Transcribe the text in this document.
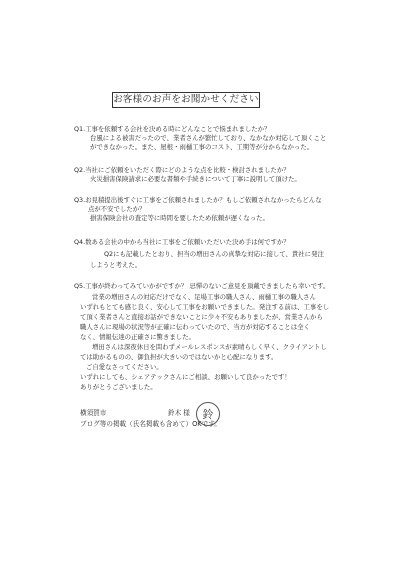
お客様のお声をお聞かせください
Q1.工事を依頼する会社を決める時にどんなことで悩まれましたか？
台風による被害だったので、業者さんが繁忙しており、なかなか対応して頂くこと
ができなかった。また、屋根・雨樋工事のコスト、工期等が分からなかった。
Q2.当社にご依頼をいただく際にどのような点を比較・検討されましたか？
火災損害保険請求に必要な書類や手続きについて丁寧に説明して頂けた。
Q3.お見積提出後すぐに工事をご依頼されましたか？もしご依頼されなかったらどんな
点が不安でしたか？
損害保険会社の査定等に時間を要したため依頼が遅くなった。
Q4.数ある会社の中から当社に工事をご依頼いただいた決め手は何ですか？
Q2にも記載したとおり、担当の増田さんの真摯な対応に接して、貴社に発注
しようと考えた。
Q5.工事が終わってみていかがですか？ 忌憚のないご意見を頂戴できましたら幸いです。
営業の増田さんの対応だけでなく、足場工事の職人さん、雨樋工事の職人さん
いずれもとても感じ良く、安心して工事をお願いできました。発注する前は、工事をし
て頂く業者さんと直接お話ができないことに少々不安もありましたが、営業さんから
職人さんに現場の状況等が正確に伝わっていたので、当方が対応することは全く
なく、情報伝達の正確さに驚きました。
増田さんは深夜休日を問わずメールレスポンスが素晴らしく早く、クライアントし
ては助かるものの、御負担が大きいのではないかと心配になります。
ご自愛なさってください。
いずれにしても、シェアテックさんにご相談、お願いして良かったです！
ありがとうございました。
横須賀市	鈴木 様	鈴
ブログ等の掲載（氏名掲載も含めて）OKです。
